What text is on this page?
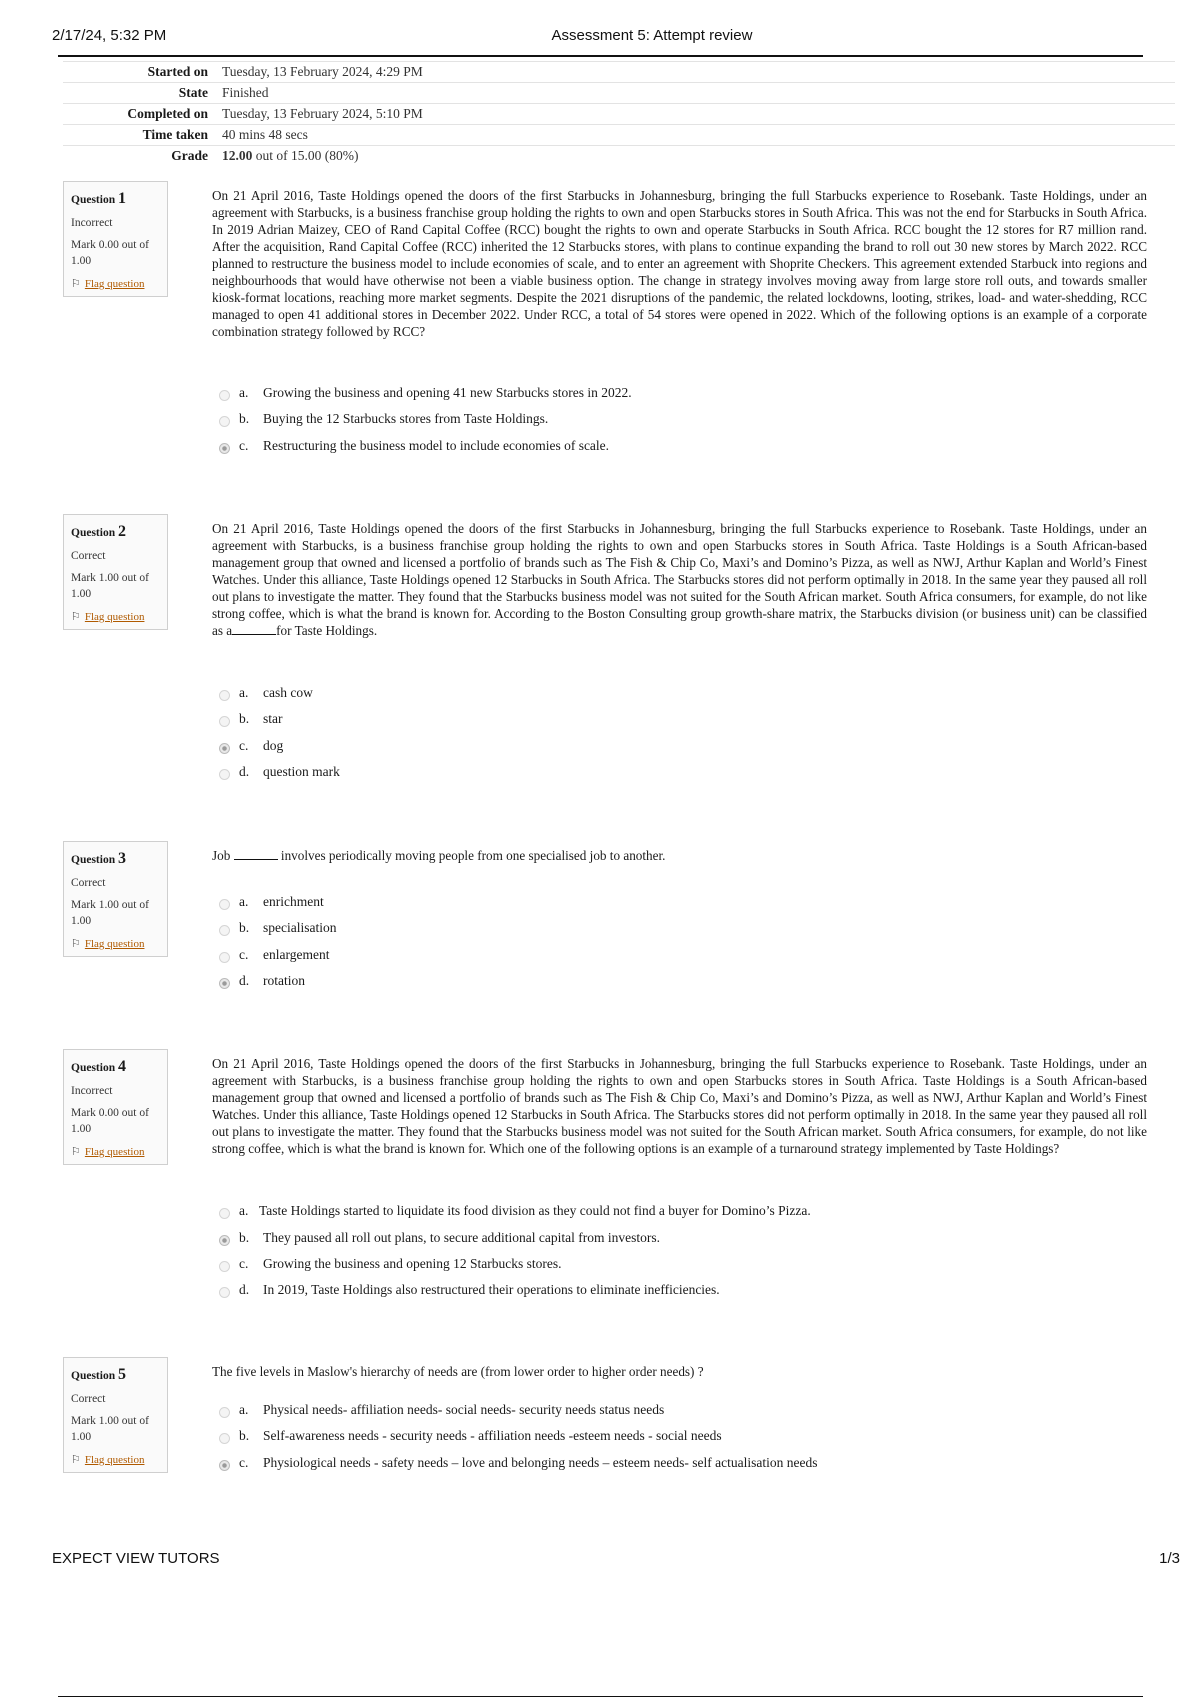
2/17/24, 5:32 PM	Assessment 5: Attempt review
Started on	Tuesday, 13 February 2024, 4:29 PM
State	Finished
Completed on	Tuesday, 13 February 2024, 5:10 PM
Time taken	40 mins 48 secs
Grade	12.00 out of 15.00 (80%)
Question 1
Incorrect
Mark 0.00 out of 1.00
⚐ Flag question
On 21 April 2016, Taste Holdings opened the doors of the first Starbucks in Johannesburg, bringing the full Starbucks experience to Rosebank. Taste Holdings, under an agreement with Starbucks, is a business franchise group holding the rights to own and open Starbucks stores in South Africa. This was not the end for Starbucks in South Africa. In 2019 Adrian Maizey, CEO of Rand Capital Coffee (RCC) bought the rights to own and operate Starbucks in South Africa. RCC bought the 12 stores for R7 million rand. After the acquisition, Rand Capital Coffee (RCC) inherited the 12 Starbucks stores, with plans to continue expanding the brand to roll out 30 new stores by March 2022. RCC planned to restructure the business model to include economies of scale, and to enter an agreement with Shoprite Checkers. This agreement extended Starbuck into regions and neighbourhoods that would have otherwise not been a viable business option. The change in strategy involves moving away from large store roll outs, and towards smaller kiosk-format locations, reaching more market segments. Despite the 2021 disruptions of the pandemic, the related lockdowns, looting, strikes, load- and water-shedding, RCC managed to open 41 additional stores in December 2022. Under RCC, a total of 54 stores were opened in 2022. Which of the following options is an example of a corporate combination strategy followed by RCC?
a. Growing the business and opening 41 new Starbucks stores in 2022.
b. Buying the 12 Starbucks stores from Taste Holdings.
c. Restructuring the business model to include economies of scale.
Question 2
Correct
Mark 1.00 out of 1.00
⚐ Flag question
On 21 April 2016, Taste Holdings opened the doors of the first Starbucks in Johannesburg, bringing the full Starbucks experience to Rosebank. Taste Holdings, under an agreement with Starbucks, is a business franchise group holding the rights to own and open Starbucks stores in South Africa. Taste Holdings is a South African-based management group that owned and licensed a portfolio of brands such as The Fish & Chip Co, Maxi’s and Domino’s Pizza, as well as NWJ, Arthur Kaplan and World’s Finest Watches. Under this alliance, Taste Holdings opened 12 Starbucks in South Africa. The Starbucks stores did not perform optimally in 2018. In the same year they paused all roll out plans to investigate the matter. They found that the Starbucks business model was not suited for the South African market. South Africa consumers, for example, do not like strong coffee, which is what the brand is known for. According to the Boston Consulting group growth-share matrix, the Starbucks division (or business unit) can be classified as a	for Taste Holdings.
a. cash cow
b. star
c. dog
d. question mark
Question 3
Correct
Mark 1.00 out of 1.00
⚐ Flag question
Job	involves periodically moving people from one specialised job to another.
a. enrichment
b. specialisation
c. enlargement
d. rotation
Question 4
Incorrect
Mark 0.00 out of 1.00
⚐ Flag question
On 21 April 2016, Taste Holdings opened the doors of the first Starbucks in Johannesburg, bringing the full Starbucks experience to Rosebank. Taste Holdings, under an agreement with Starbucks, is a business franchise group holding the rights to own and open Starbucks stores in South Africa. Taste Holdings is a South African-based management group that owned and licensed a portfolio of brands such as The Fish & Chip Co, Maxi’s and Domino’s Pizza, as well as NWJ, Arthur Kaplan and World’s Finest Watches. Under this alliance, Taste Holdings opened 12 Starbucks in South Africa. The Starbucks stores did not perform optimally in 2018. In the same year they paused all roll out plans to investigate the matter. They found that the Starbucks business model was not suited for the South African market. South Africa consumers, for example, do not like strong coffee, which is what the brand is known for. Which one of the following options is an example of a turnaround strategy implemented by Taste Holdings?
a. Taste Holdings started to liquidate its food division as they could not find a buyer for Domino’s Pizza.
b. They paused all roll out plans, to secure additional capital from investors.
c. Growing the business and opening 12 Starbucks stores.
d. In 2019, Taste Holdings also restructured their operations to eliminate inefficiencies.
Question 5
Correct
Mark 1.00 out of 1.00
⚐ Flag question
The five levels in Maslow's hierarchy of needs are (from lower order to higher order needs) ?
a. Physical needs- affiliation needs- social needs- security needs status needs
b. Self-awareness needs - security needs - affiliation needs -esteem needs - social needs
c. Physiological needs - safety needs – love and belonging needs – esteem needs- self actualisation needs
EXPECT VIEW TUTORS	1/3
